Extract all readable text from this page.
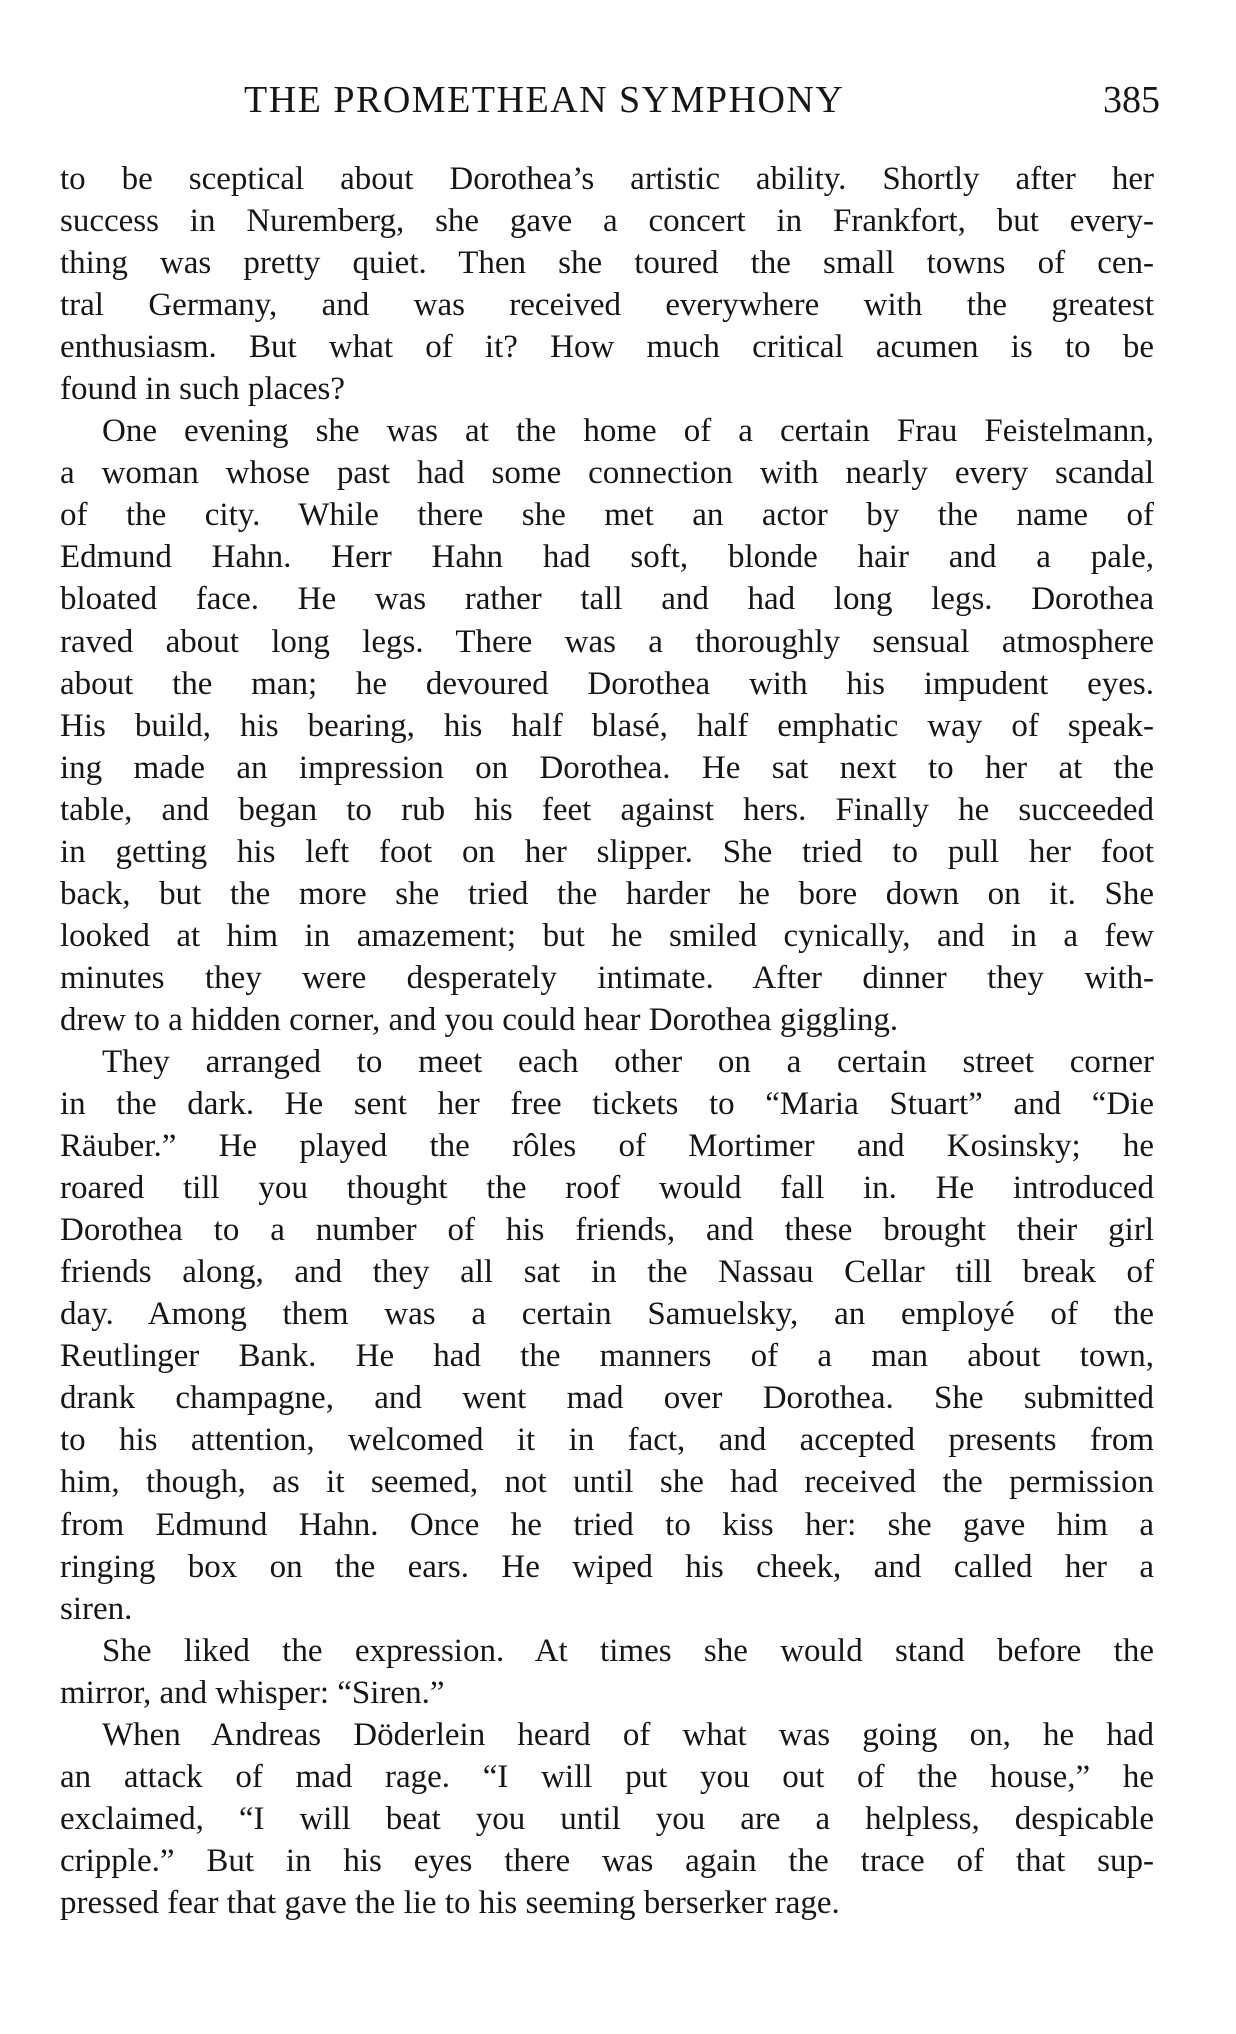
THE PROMETHEAN SYMPHONY	385
to be sceptical about Dorothea’s artistic ability. Shortly after her
success in Nuremberg, she gave a concert in Frankfort, but every-
thing was pretty quiet. Then she toured the small towns of cen-
tral Germany, and was received everywhere with the greatest
enthusiasm. But what of it? How much critical acumen is to be
found in such places?
One evening she was at the home of a certain Frau Feistelmann,
a woman whose past had some connection with nearly every scandal
of the city. While there she met an actor by the name of
Edmund Hahn. Herr Hahn had soft, blonde hair and a pale,
bloated face. He was rather tall and had long legs. Dorothea
raved about long legs. There was a thoroughly sensual atmosphere
about the man; he devoured Dorothea with his impudent eyes.
His build, his bearing, his half blasé, half emphatic way of speak-
ing made an impression on Dorothea. He sat next to her at the
table, and began to rub his feet against hers. Finally he succeeded
in getting his left foot on her slipper. She tried to pull her foot
back, but the more she tried the harder he bore down on it. She
looked at him in amazement; but he smiled cynically, and in a few
minutes they were desperately intimate. After dinner they with-
drew to a hidden corner, and you could hear Dorothea giggling.
They arranged to meet each other on a certain street corner
in the dark. He sent her free tickets to “Maria Stuart” and “Die
Räuber.” He played the rôles of Mortimer and Kosinsky; he
roared till you thought the roof would fall in. He introduced
Dorothea to a number of his friends, and these brought their girl
friends along, and they all sat in the Nassau Cellar till break of
day. Among them was a certain Samuelsky, an employé of the
Reutlinger Bank. He had the manners of a man about town,
drank champagne, and went mad over Dorothea. She submitted
to his attention, welcomed it in fact, and accepted presents from
him, though, as it seemed, not until she had received the permission
from Edmund Hahn. Once he tried to kiss her: she gave him a
ringing box on the ears. He wiped his cheek, and called her a
siren.
She liked the expression. At times she would stand before the
mirror, and whisper: “Siren.”
When Andreas Döderlein heard of what was going on, he had
an attack of mad rage. “I will put you out of the house,” he
exclaimed, “I will beat you until you are a helpless, despicable
cripple.” But in his eyes there was again the trace of that sup-
pressed fear that gave the lie to his seeming berserker rage.
